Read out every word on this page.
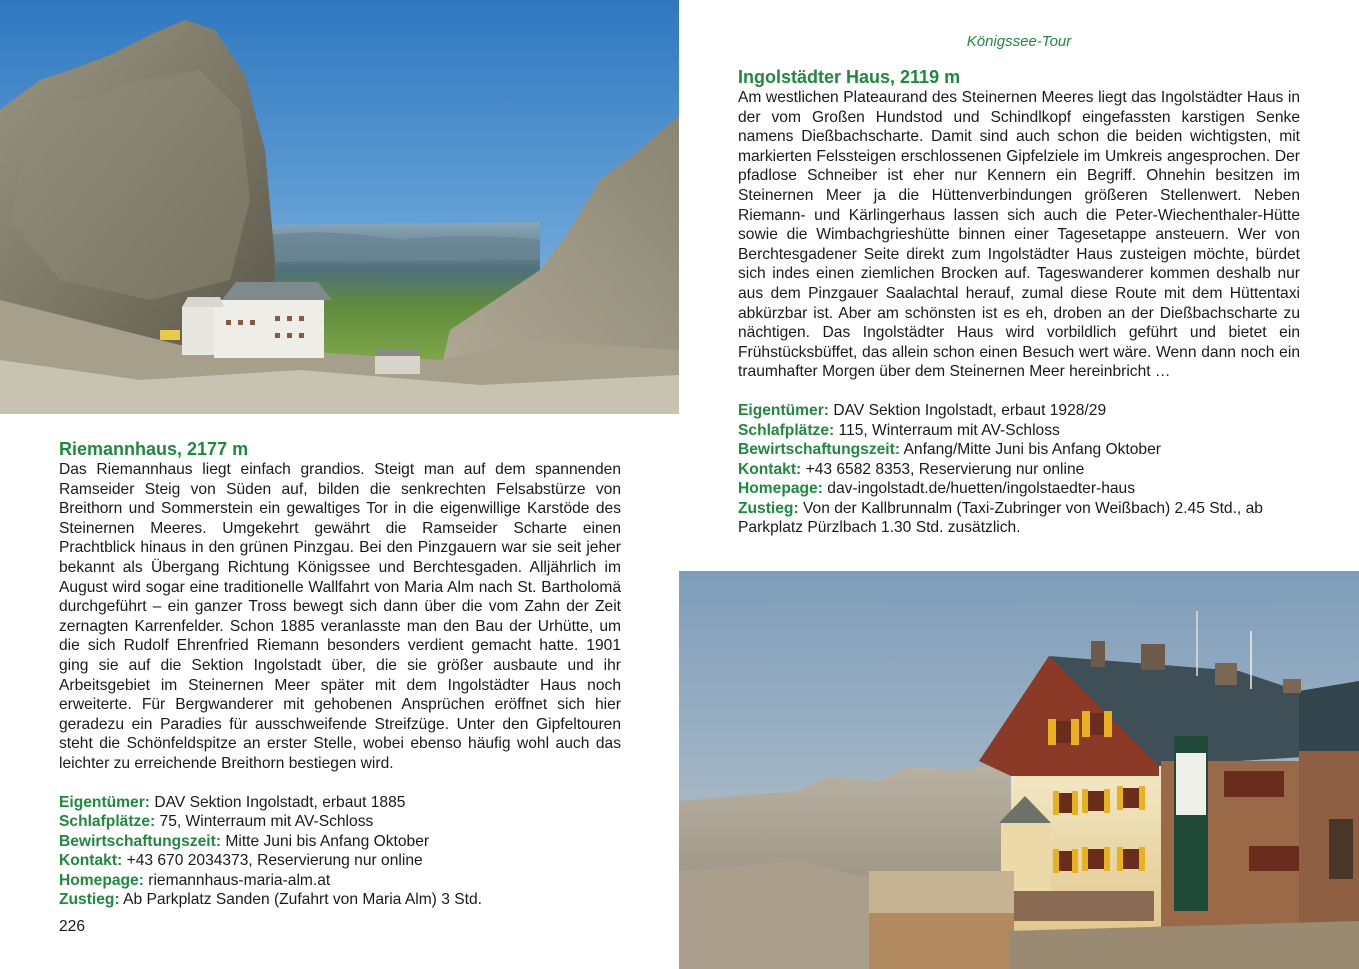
Königssee-Tour
Riemannhaus, 2177 m

Das Riemannhaus liegt einfach grandios. Steigt man auf dem spannenden Ramseider Steig von Süden auf, bilden die senkrechten Felsabstürze von Breithorn und Sommerstein ein gewaltiges Tor in die eigenwillige Karstöde des Steinernen Meeres. Umgekehrt gewährt die Ramseider Scharte einen Prachtblick hinaus in den grünen Pinzgau. Bei den Pinzgauern war sie seit jeher bekannt als Übergang Richtung Königssee und Berchtesgaden. Alljährlich im August wird sogar eine traditionelle Wallfahrt von Maria Alm nach St. Bartholomä durchgeführt – ein ganzer Tross bewegt sich dann über die vom Zahn der Zeit zernagten Karrenfelder. Schon 1885 veranlasste man den Bau der Urhütte, um die sich Rudolf Ehrenfried Riemann besonders verdient gemacht hatte. 1901 ging sie auf die Sektion Ingolstadt über, die sie größer ausbaute und ihr Arbeitsgebiet im Steinernen Meer später mit dem Ingolstädter Haus noch erweiterte. Für Bergwanderer mit gehobenen Ansprüchen eröffnet sich hier geradezu ein Paradies für ausschweifende Streifzüge. Unter den Gipfeltouren steht die Schönfeldspitze an erster Stelle, wobei ebenso häufig wohl auch das leichter zu erreichende Breithorn bestiegen wird.

Eigentümer: DAV Sektion Ingolstadt, erbaut 1885

Schlafplätze: 75, Winterraum mit AV-Schloss

Bewirtschaftungszeit: Mitte Juni bis Anfang Oktober

Kontakt: +43 670 2034373, Reservierung nur online

Homepage: riemannhaus-maria-alm.at

Zustieg: Ab Parkplatz Sanden (Zufahrt von Maria Alm) 3 Std.

226
Ingolstädter Haus, 2119 m

Am westlichen Plateaurand des Steinernen Meeres liegt das Ingolstädter Haus in der vom Großen Hundstod und Schindlkopf eingefassten karstigen Senke namens Dießbachscharte. Damit sind auch schon die beiden wichtigsten, mit markierten Felssteigen erschlossenen Gipfelziele im Umkreis angesprochen. Der pfadlose Schneiber ist eher nur Kennern ein Begriff. Ohnehin besitzen im Steinernen Meer ja die Hüttenverbindungen größeren Stellenwert. Neben Riemann- und Kärlingerhaus lassen sich auch die Peter-Wiechenthaler-Hütte sowie die Wimbachgrieshütte binnen einer Tagesetappe ansteuern. Wer von Berchtesgadener Seite direkt zum Ingolstädter Haus zusteigen möchte, bürdet sich indes einen ziemlichen Brocken auf. Tageswanderer kommen deshalb nur aus dem Pinzgauer Saalachtal herauf, zumal diese Route mit dem Hüttentaxi abkürzbar ist. Aber am schönsten ist es eh, droben an der Dießbachscharte zu nächtigen. Das Ingolstädter Haus wird vorbildlich geführt und bietet ein Frühstücksbüffet, das allein schon einen Besuch wert wäre. Wenn dann noch ein traumhafter Morgen über dem Steinernen Meer hereinbricht …

Eigentümer: DAV Sektion Ingolstadt, erbaut 1928/29

Schlafplätze: 115, Winterraum mit AV-Schloss

Bewirtschaftungszeit: Anfang/Mitte Juni bis Anfang Oktober

Kontakt: +43 6582 8353, Reservierung nur online

Homepage: dav-ingolstadt.de/huetten/ingolstaedter-haus

Zustieg: Von der Kallbrunnalm (Taxi-Zubringer von Weißbach) 2.45 Std., ab Parkplatz Pürzlbach 1.30 Std. zusätzlich.
